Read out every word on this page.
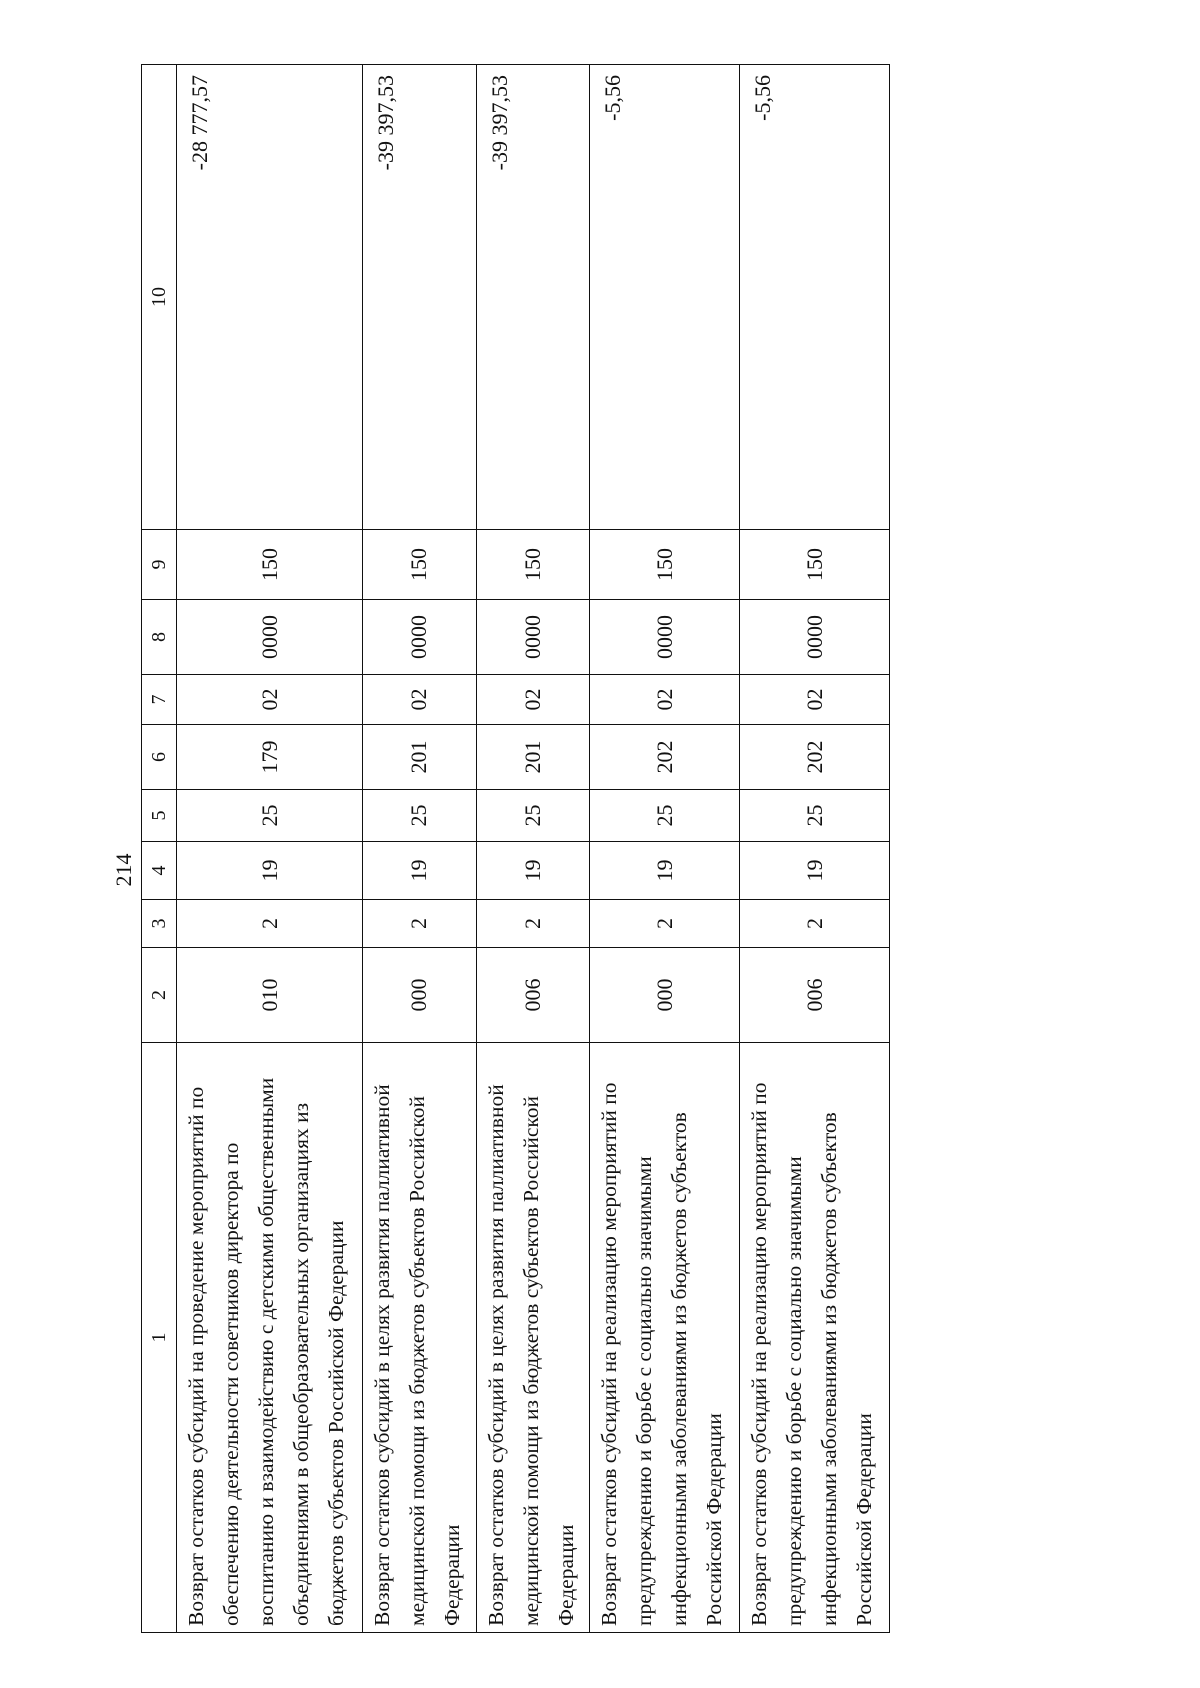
214
1	2	3	4	5	6	7	8	9	10
Возврат остатков субсидий на проведение мероприятий по обеспечению деятельности советников директора по воспитанию и взаимодействию с детскими общественными объединениями в общеобразовательных организациях из бюджетов субъектов Российской Федерации	010	2	19	25	179	02	0000	150	-28 777,57
Возврат остатков субсидий в целях развития паллиативной медицинской помощи из бюджетов субъектов Российской Федерации	000	2	19	25	201	02	0000	150	-39 397,53
Возврат остатков субсидий в целях развития паллиативной медицинской помощи из бюджетов субъектов Российской Федерации	006	2	19	25	201	02	0000	150	-39 397,53
Возврат остатков субсидий на реализацию мероприятий по предупреждению и борьбе с социально значимыми инфекционными заболеваниями из бюджетов субъектов Российской Федерации	000	2	19	25	202	02	0000	150	-5,56
Возврат остатков субсидий на реализацию мероприятий по предупреждению и борьбе с социально значимыми инфекционными заболеваниями из бюджетов субъектов Российской Федерации	006	2	19	25	202	02	0000	150	-5,56
